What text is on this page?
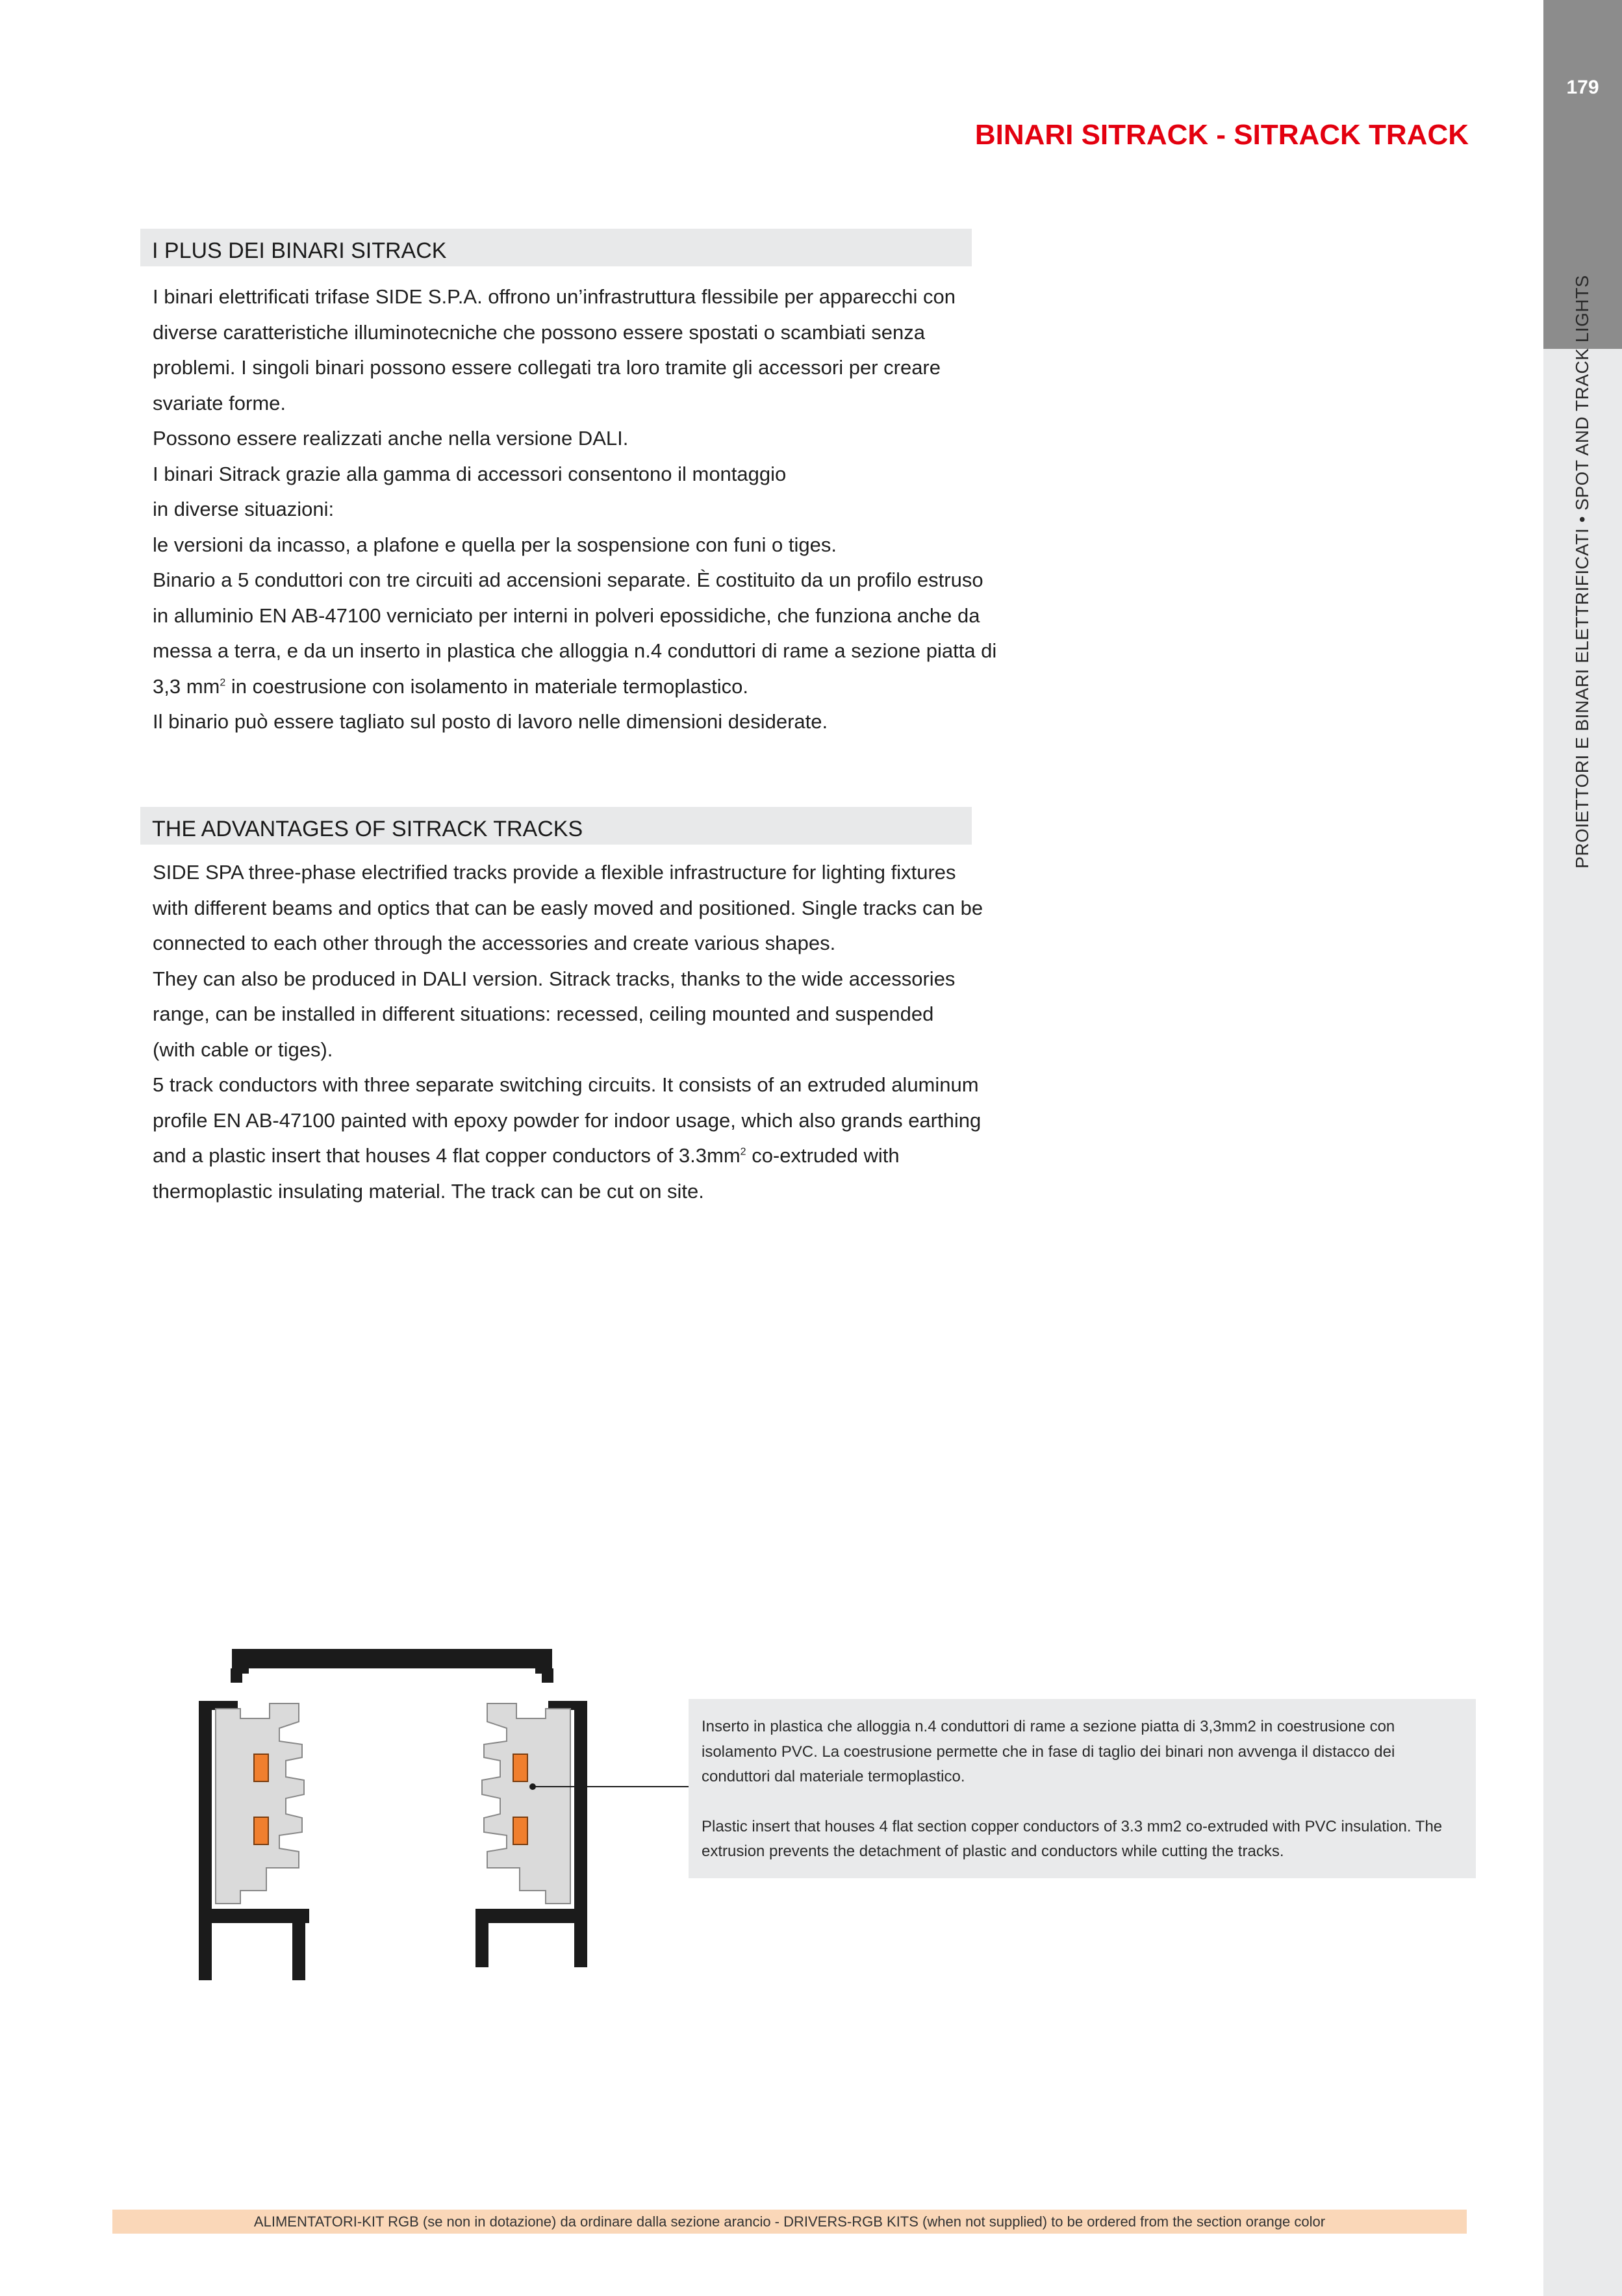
179
PROIETTORI E BINARI ELETTRIFICATI • SPOT AND TRACK LIGHTS
BINARI SITRACK - SITRACK TRACK
I PLUS DEI BINARI SITRACK

I binari elettrificati trifase SIDE S.P.A. offrono un’infrastruttura flessibile per apparecchi con

diverse caratteristiche illuminotecniche che possono essere spostati o scambiati senza

problemi. I singoli binari possono essere collegati tra loro tramite gli accessori per creare

svariate forme.

Possono essere realizzati anche nella versione DALI.

I binari Sitrack grazie alla gamma di accessori consentono il montaggio

in diverse situazioni:

le versioni da incasso, a plafone e quella per la sospensione con funi o tiges.

Binario a 5 conduttori con tre circuiti ad accensioni separate. È costituito da un profilo estruso

in alluminio EN AB-47100 verniciato per interni in polveri epossidiche, che funziona anche da

messa a terra, e da un inserto in plastica che alloggia n.4 conduttori di rame a sezione piatta di

3,3 $mm^2$ in coestrusione con isolamento in materiale termoplastico.

Il binario può essere tagliato sul posto di lavoro nelle dimensioni desiderate.

THE ADVANTAGES OF SITRACK TRACKS

SIDE SPA three-phase electrified tracks provide a flexible infrastructure for lighting fixtures

with different beams and optics that can be easly moved and positioned. Single tracks can be

connected to each other through the accessories and create various shapes.

They can also be produced in DALI version. Sitrack tracks, thanks to the wide accessories

range, can be installed in different situations: recessed, ceiling mounted and suspended

(with cable or tiges).

5 track conductors with three separate switching circuits. It consists of an extruded aluminum

profile EN AB-47100 painted with epoxy powder for indoor usage, which also grands earthing

and a plastic insert that houses 4 flat copper conductors of $3.3mm^2$ co-extruded with

thermoplastic insulating material. The track can be cut on site.

Inserto in plastica che alloggia n.4 conduttori di rame a sezione piatta di 3,3mm2 in coestrusione con isolamento PVC. La coestrusione permette che in fase di taglio dei binari non avvenga il distacco dei conduttori dal materiale termoplastico.

Plastic insert that houses 4 flat section copper conductors of 3.3 mm2 co-extruded with PVC insulation. The extrusion prevents the detachment of plastic and conductors while cutting the tracks.

ALIMENTATORI-KIT RGB (se non in dotazione) da ordinare dalla sezione arancio - DRIVERS-RGB KITS (when not supplied) to be ordered from the section orange color
